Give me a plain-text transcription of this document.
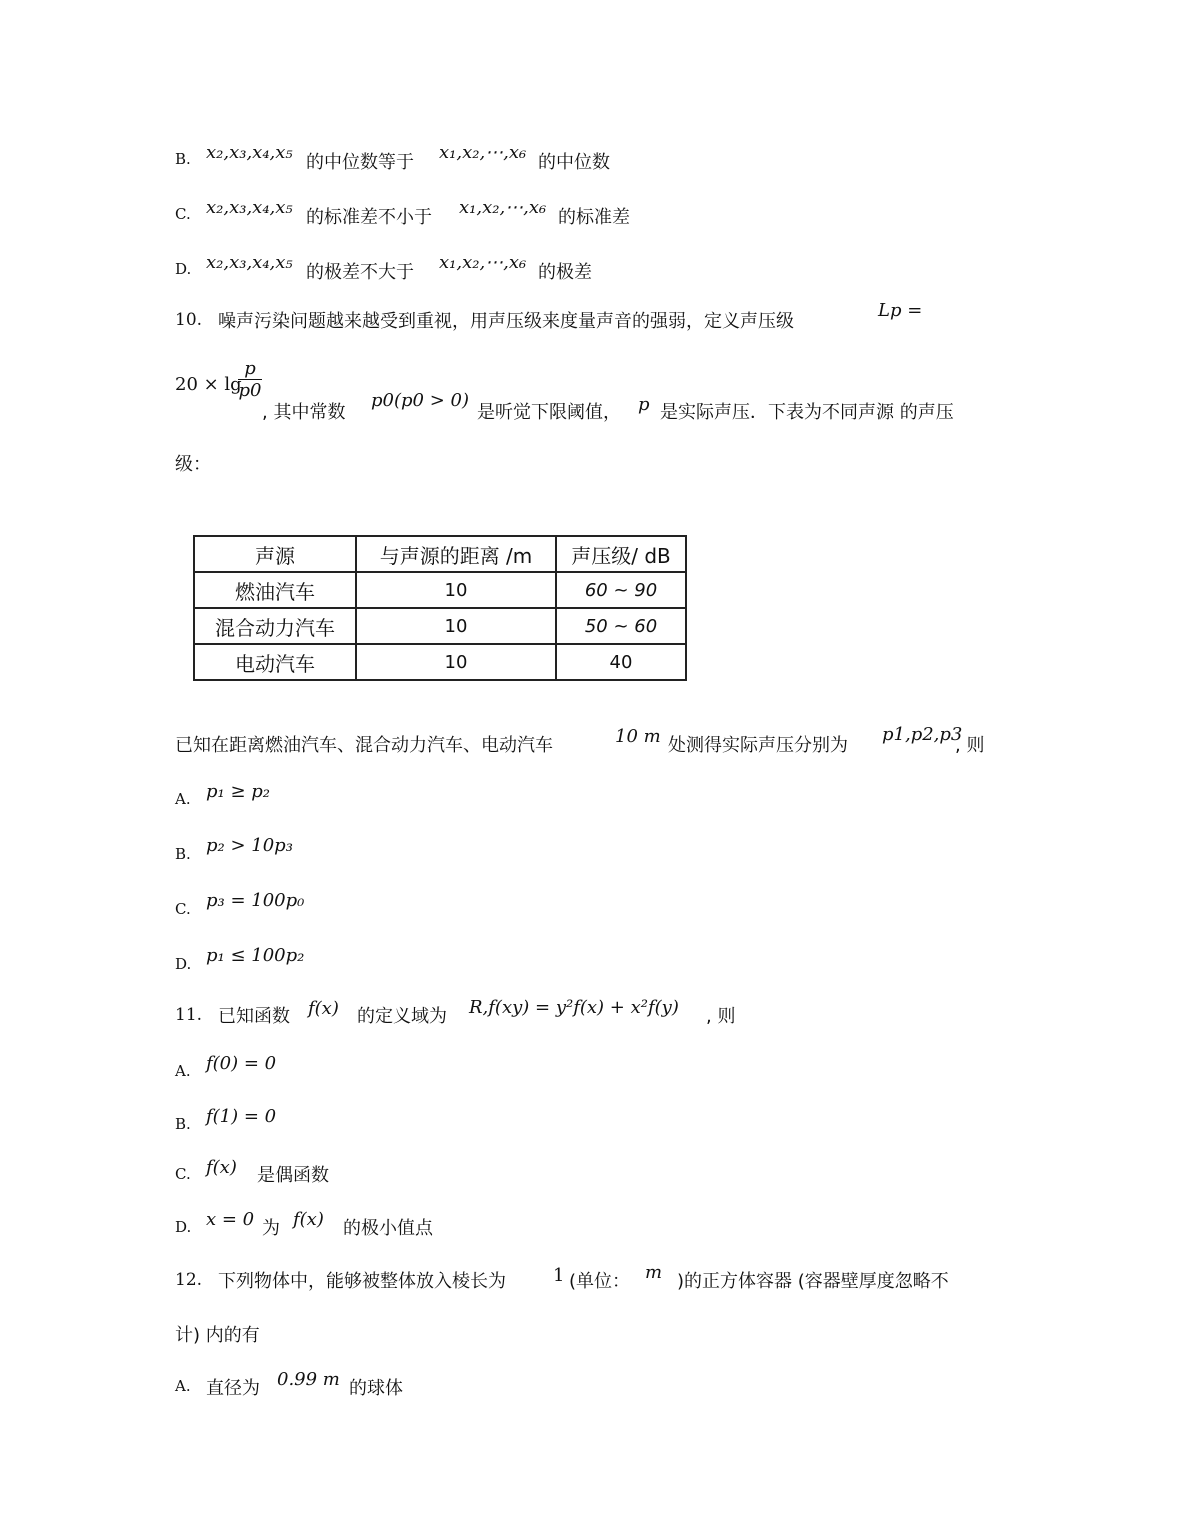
B. x₂,x₃,x₄,x₅ 的中位数等于 x₁,x₂,⋯,x₆ 的中位数
C. x₂,x₃,x₄,x₅ 的标准差不小于 x₁,x₂,⋯,x₆ 的标准差
D. x₂,x₃,x₄,x₅ 的极差不大于 x₁,x₂,⋯,x₆ 的极差
10. 噪声污染问题越来越受到重视，用声压级来度量声音的强弱，定义声压级
Lp =
20 × lg
$\frac{p}{p0}$
, 其中常数
p0(p0 > 0)
是听觉下限阈值， p 是实际声压．下表为不同声源 的声压
级：
声源	与声源的距离 /m	声压级/ dB
燃油汽车	10	60 ~ 90
混合动力汽车	10	50 ~ 60
电动汽车	10	40
已知在距离燃油汽车、混合动力汽车、电动汽车	10 m 处测得实际声压分别为
p1,p2,p3
, 则
A. p₁ ≥ p₂
B. p₂ > 10p₃
C. p₃ = 100p₀
D. p₁ ≤ 100p₂
11. 已知函数 f(x) 的定义域为 R,f(xy) = y²f(x) + x²f(y) , 则
A. f(0) = 0
B. f(1) = 0
C. f(x) 是偶函数
D. x = 0 为 f(x) 的极小值点
12. 下列物体中，能够被整体放入棱长为	1 (单位： m )的正方体容器 (容器壁厚度忽略不
计) 内的有
A. 直径为 0.99 m 的球体
